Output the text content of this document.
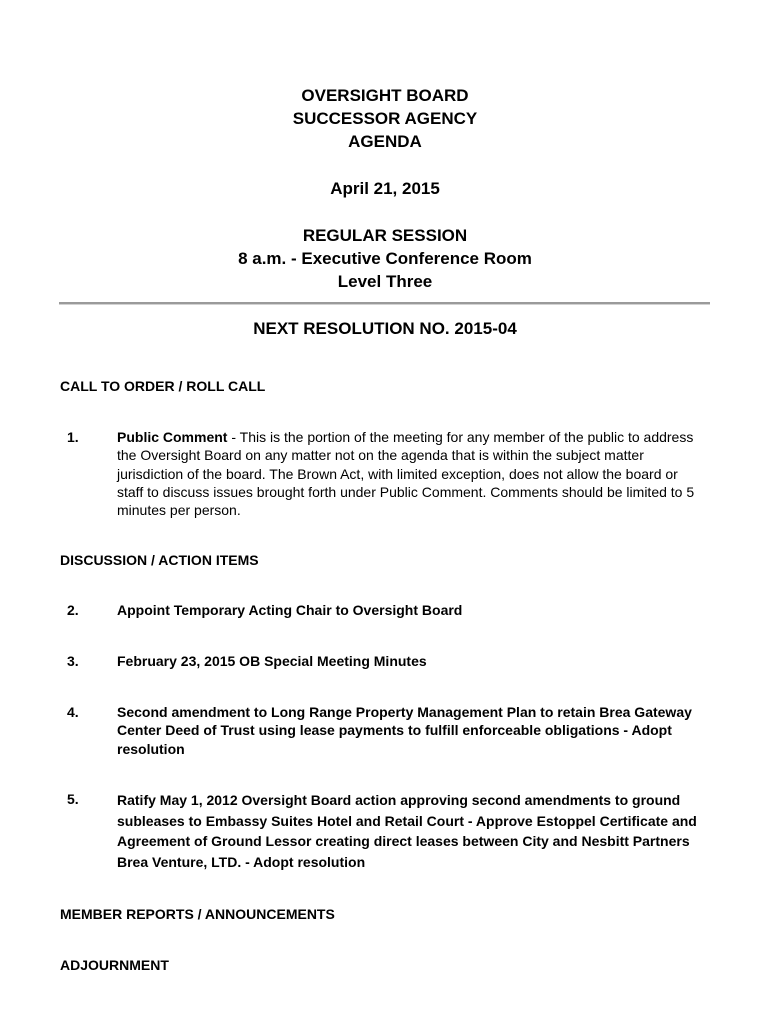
OVERSIGHT BOARD
SUCCESSOR AGENCY
AGENDA
April 21, 2015
REGULAR SESSION
8 a.m. - Executive Conference Room
Level Three
NEXT RESOLUTION NO. 2015-04
CALL TO ORDER / ROLL CALL
1.	Public Comment - This is the portion of the meeting for any member of the public to address the Oversight Board on any matter not on the agenda that is within the subject matter jurisdiction of the board. The Brown Act, with limited exception, does not allow the board or staff to discuss issues brought forth under Public Comment. Comments should be limited to 5 minutes per person.
DISCUSSION / ACTION ITEMS
2.	Appoint Temporary Acting Chair to Oversight Board
3.	February 23, 2015 OB Special Meeting Minutes
4.	Second amendment to Long Range Property Management Plan to retain Brea Gateway Center Deed of Trust using lease payments to fulfill enforceable obligations - Adopt resolution
5.	Ratify May 1, 2012 Oversight Board action approving second amendments to ground subleases to Embassy Suites Hotel and Retail Court - Approve Estoppel Certificate and Agreement of Ground Lessor creating direct leases between City and Nesbitt Partners Brea Venture, LTD. - Adopt resolution
MEMBER REPORTS / ANNOUNCEMENTS
ADJOURNMENT
